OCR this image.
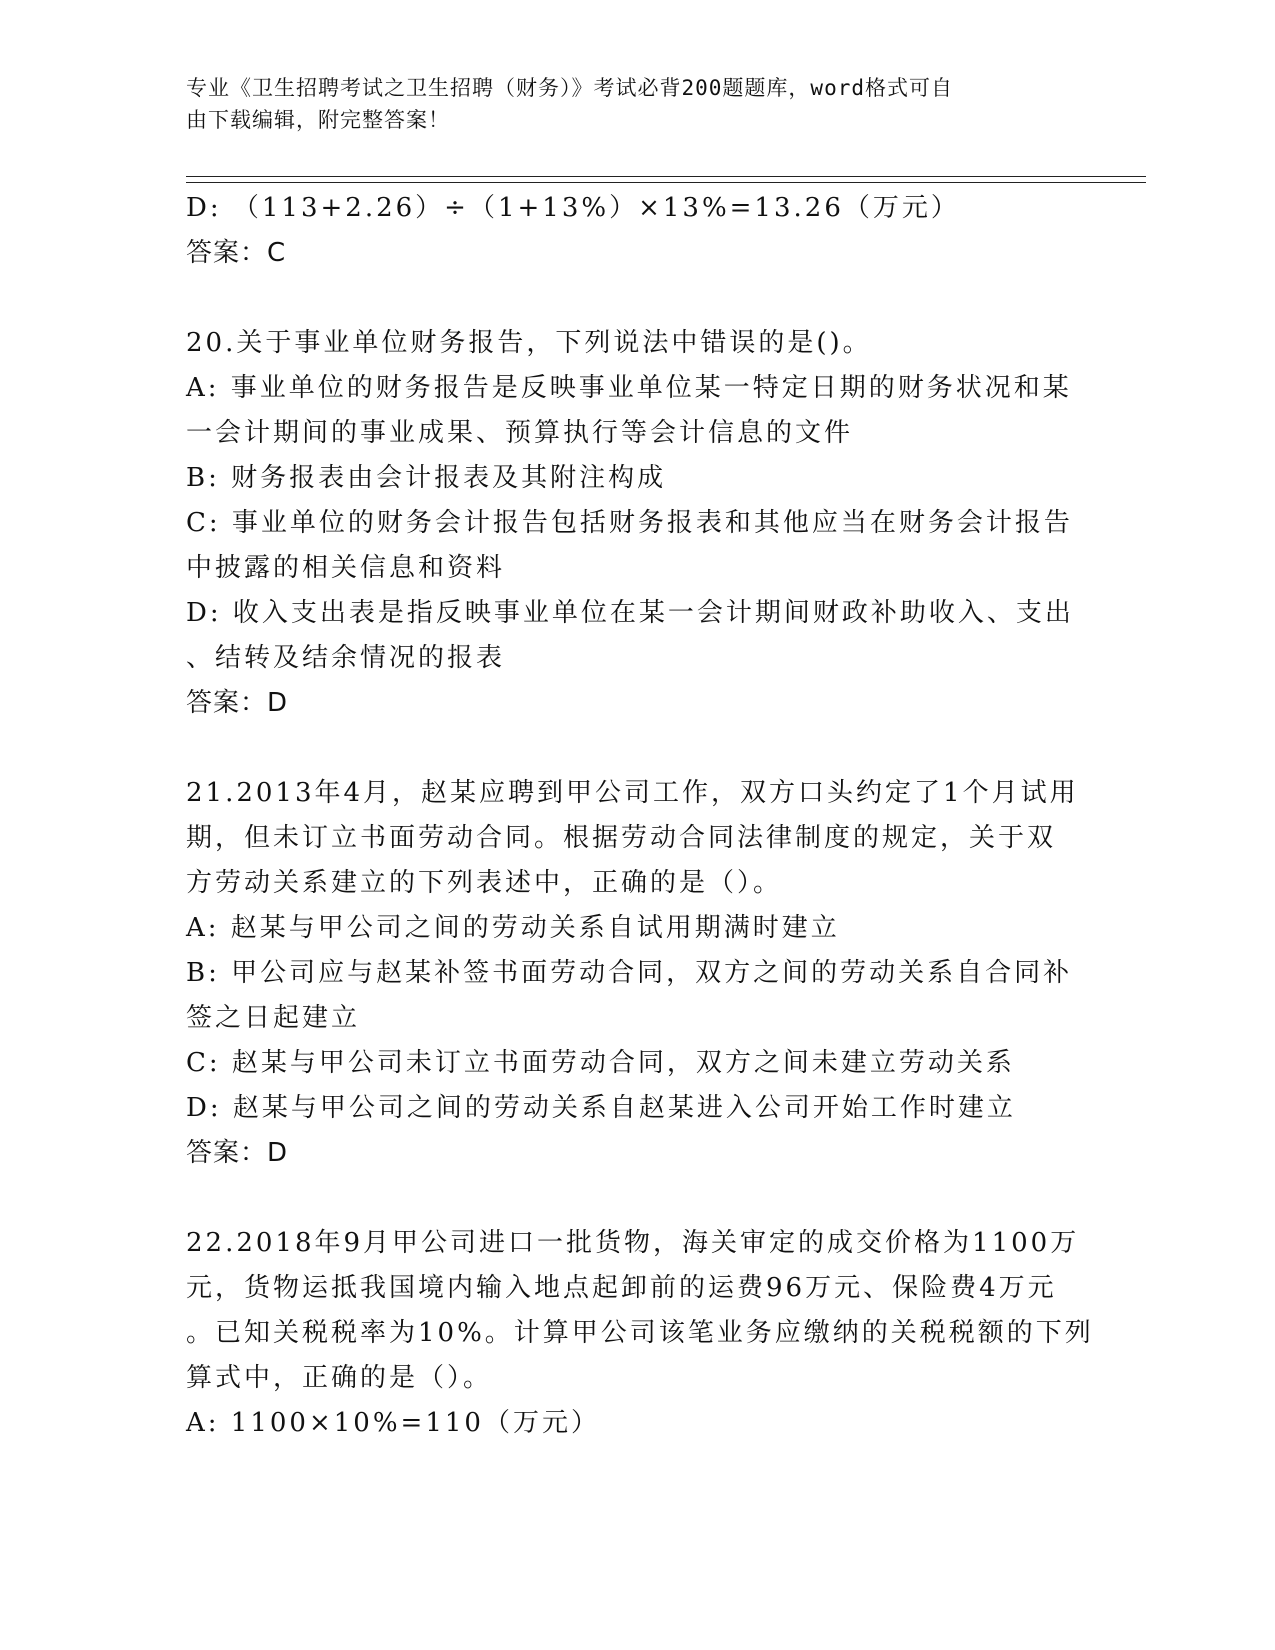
专业《卫生招聘考试之卫生招聘（财务）》考试必背200题题库，word格式可自
由下载编辑，附完整答案！
D: （113+2.26）÷（1+13%）×13%=13.26（万元）
答案：C
20.关于事业单位财务报告，下列说法中错误的是()。
A: 事业单位的财务报告是反映事业单位某一特定日期的财务状况和某
一会计期间的事业成果、预算执行等会计信息的文件
B: 财务报表由会计报表及其附注构成
C: 事业单位的财务会计报告包括财务报表和其他应当在财务会计报告
中披露的相关信息和资料
D: 收入支出表是指反映事业单位在某一会计期间财政补助收入、支出
、结转及结余情况的报表
答案：D
21.2013年4月，赵某应聘到甲公司工作，双方口头约定了1个月试用
期，但未订立书面劳动合同。根据劳动合同法律制度的规定，关于双
方劳动关系建立的下列表述中，正确的是（）。
A: 赵某与甲公司之间的劳动关系自试用期满时建立
B: 甲公司应与赵某补签书面劳动合同，双方之间的劳动关系自合同补
签之日起建立
C: 赵某与甲公司未订立书面劳动合同，双方之间未建立劳动关系
D: 赵某与甲公司之间的劳动关系自赵某进入公司开始工作时建立
答案：D
22.2018年9月甲公司进口一批货物，海关审定的成交价格为1100万
元，货物运抵我国境内输入地点起卸前的运费96万元、保险费4万元
。已知关税税率为10%。计算甲公司该笔业务应缴纳的关税税额的下列
算式中，正确的是（）。
A: 1100×10%=110（万元）
